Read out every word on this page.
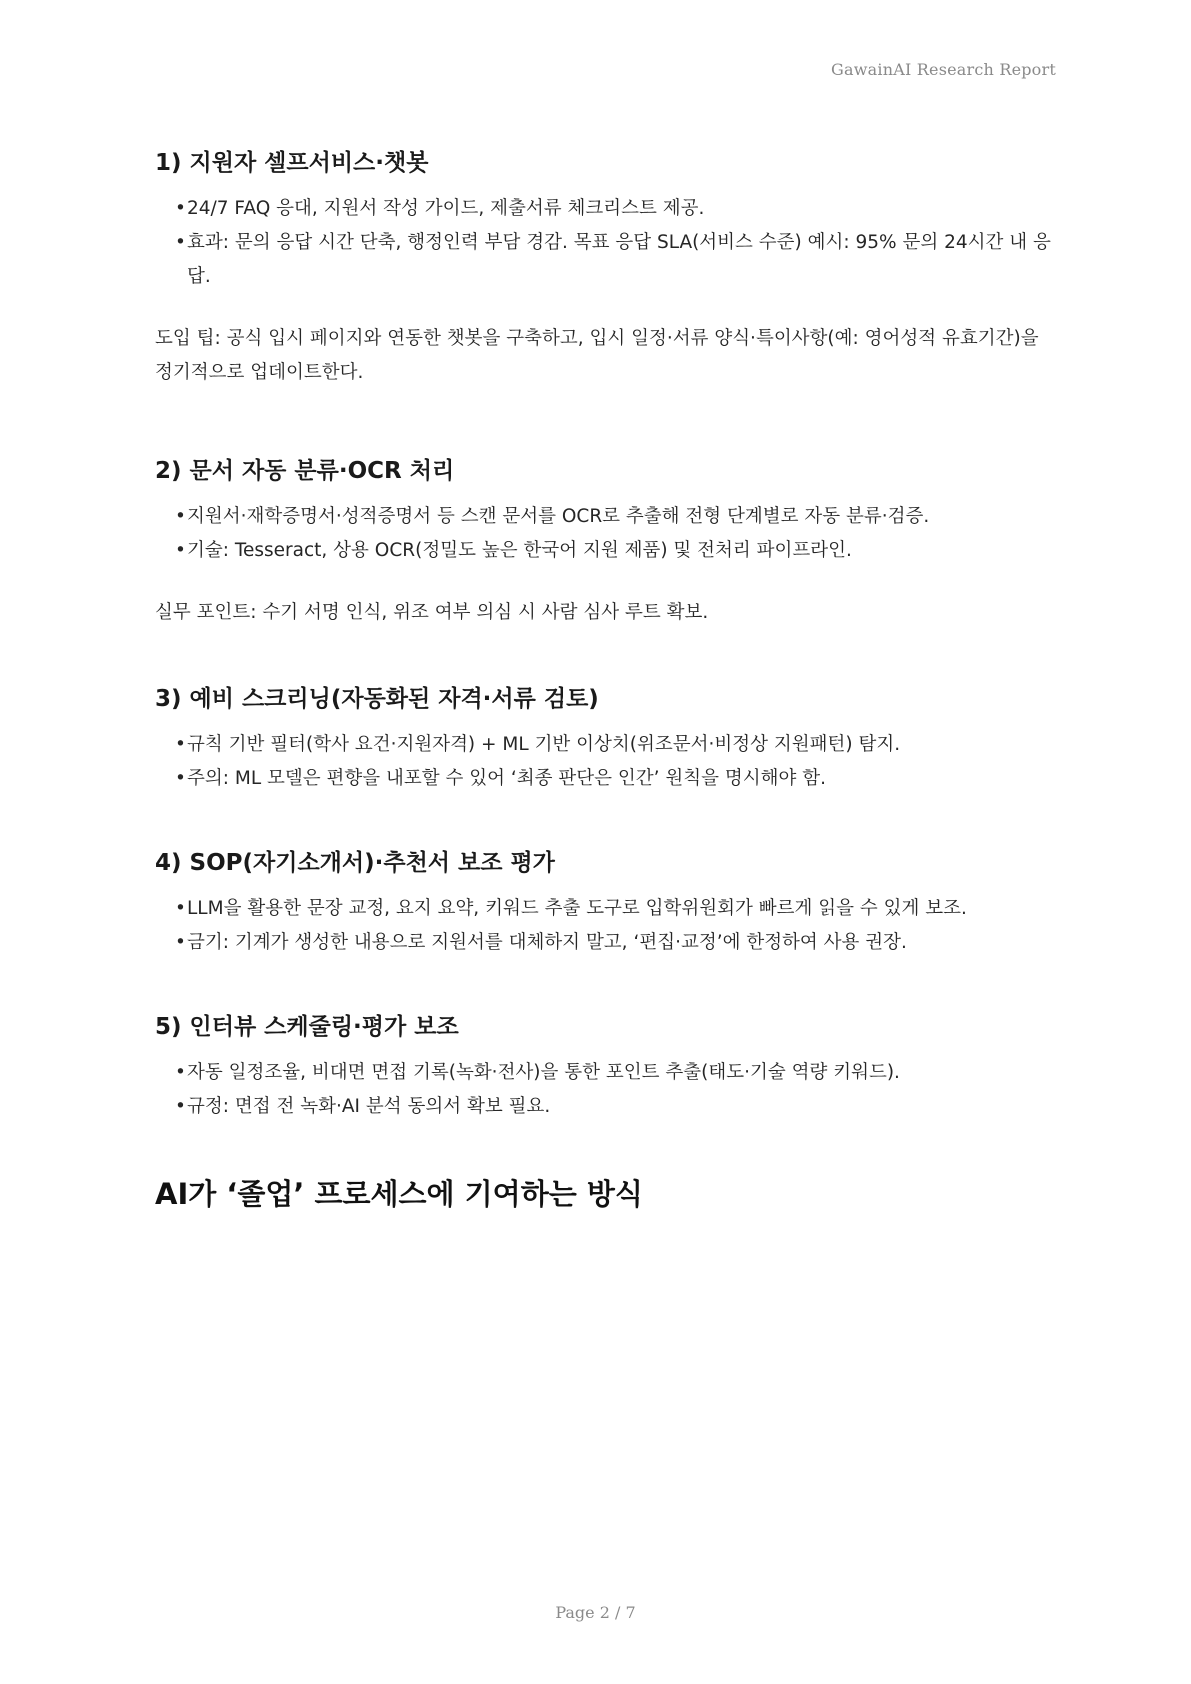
GawainAI Research Report
1) 지원자 셀프서비스·챗봇
• 24/7 FAQ 응대, 지원서 작성 가이드, 제출서류 체크리스트 제공.
• 효과: 문의 응답 시간 단축, 행정인력 부담 경감. 목표 응답 SLA(서비스 수준) 예시: 95% 문의 24시간 내 응답.

도입 팁: 공식 입시 페이지와 연동한 챗봇을 구축하고, 입시 일정·서류 양식·특이사항(예: 영어성적 유효기간)을 정기적으로 업데이트한다.

2) 문서 자동 분류·OCR 처리
• 지원서·재학증명서·성적증명서 등 스캔 문서를 OCR로 추출해 전형 단계별로 자동 분류·검증.
• 기술: Tesseract, 상용 OCR(정밀도 높은 한국어 지원 제품) 및 전처리 파이프라인.

실무 포인트: 수기 서명 인식, 위조 여부 의심 시 사람 심사 루트 확보.

3) 예비 스크리닝(자동화된 자격·서류 검토)
• 규칙 기반 필터(학사 요건·지원자격) + ML 기반 이상치(위조문서·비정상 지원패턴) 탐지.
• 주의: ML 모델은 편향을 내포할 수 있어 ‘최종 판단은 인간’ 원칙을 명시해야 함.
4) SOP(자기소개서)·추천서 보조 평가
• LLM을 활용한 문장 교정, 요지 요약, 키워드 추출 도구로 입학위원회가 빠르게 읽을 수 있게 보조.
• 금기: 기계가 생성한 내용으로 지원서를 대체하지 말고, ‘편집·교정’에 한정하여 사용 권장.
5) 인터뷰 스케줄링·평가 보조
• 자동 일정조율, 비대면 면접 기록(녹화·전사)을 통한 포인트 추출(태도·기술 역량 키워드).
• 규정: 면접 전 녹화·AI 분석 동의서 확보 필요.
AI가 ‘졸업’ 프로세스에 기여하는 방식
Page 2 / 7
